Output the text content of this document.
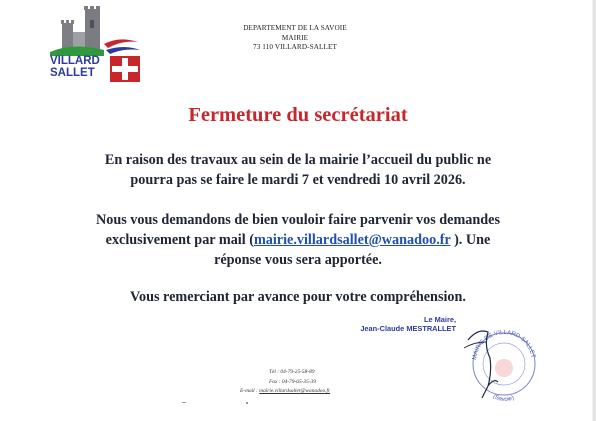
VILLARD
SALLET
DEPARTEMENT DE LA SAVOIE
MAIRIE
73 110 VILLARD-SALLET
Fermeture du secrétariat
En raison des travaux au sein de la mairie l’accueil du public ne
pourra pas se faire le mardi 7 et vendredi 10 avril 2026.
Nous vous demandons de bien vouloir faire parvenir vos demandes
exclusivement par mail (mairie.villardsallet@wanadoo.fr ). Une
réponse vous sera apportée.
Vous remerciant par avance pour votre compréhension.
Le Maire,
Jean-Claude MESTRALLET
MAIRIE DE VILLARD-SALLET
(Savoie)
Tél : 04-79-25-58-89
Fax : 04-79-65-35-39
E-mail : mairie.villardsallet@wanadoo.fr
